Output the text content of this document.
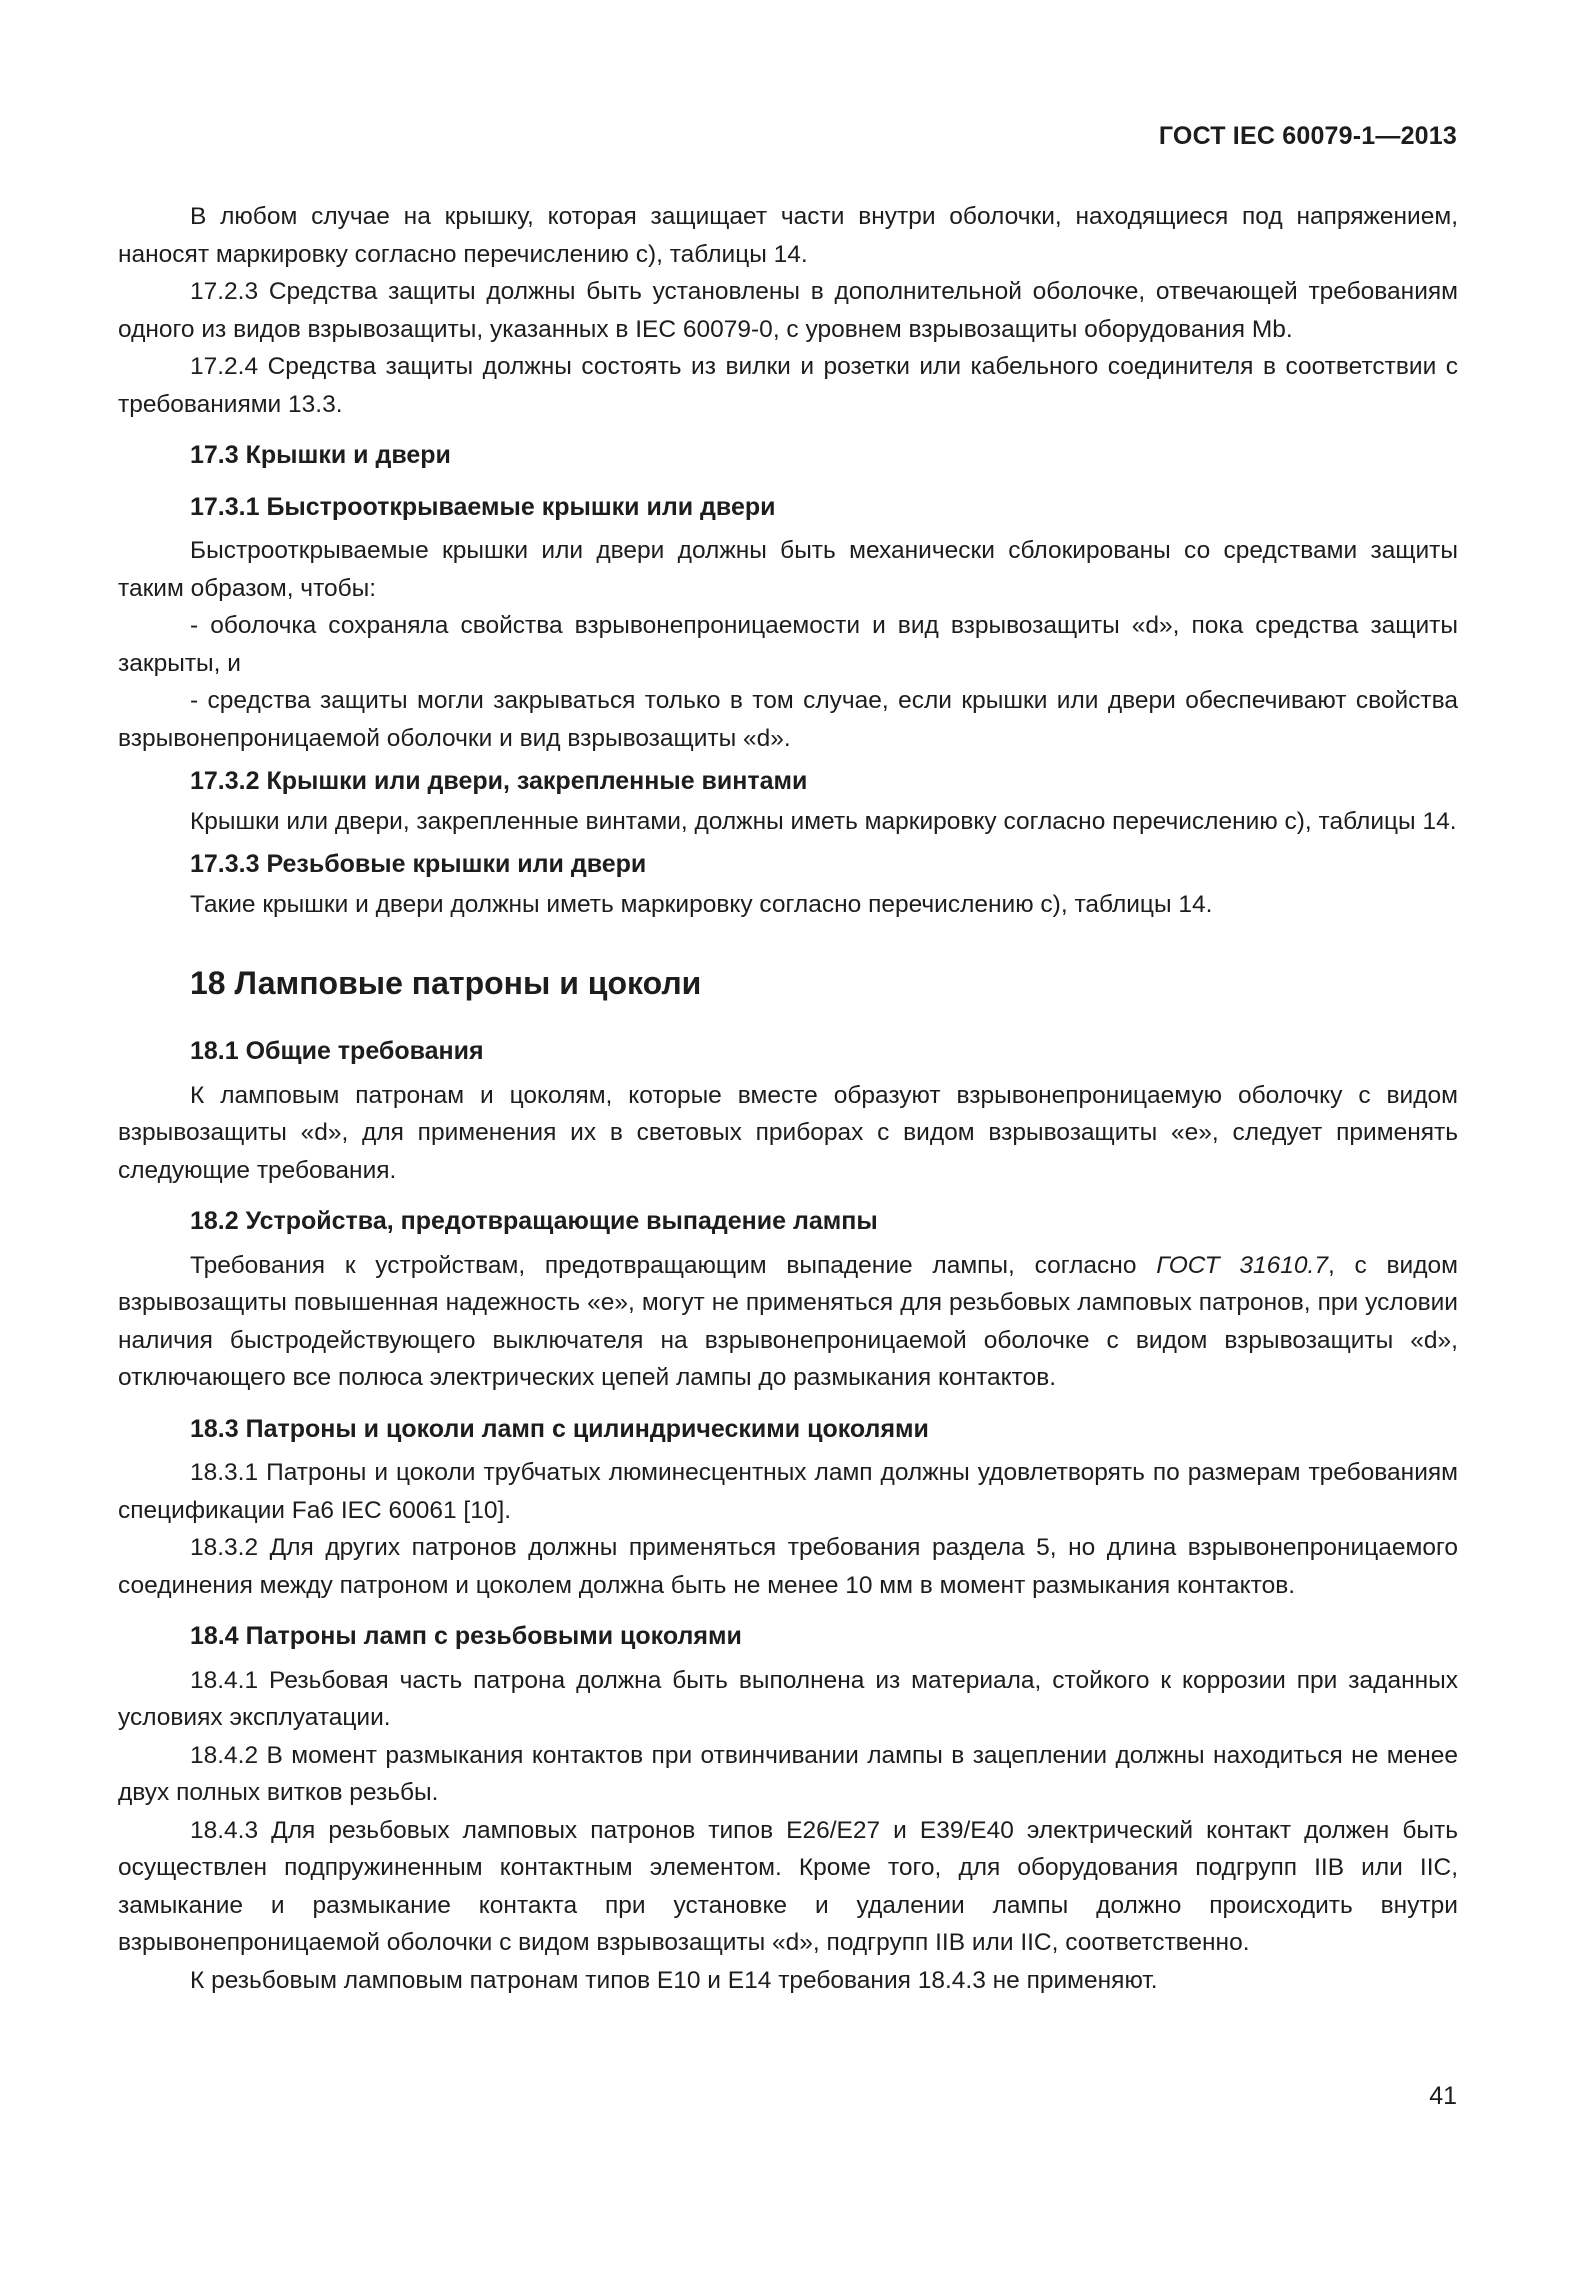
ГОСТ IEC 60079-1—2013

В любом случае на крышку, которая защищает части внутри оболочки, находящиеся под напряжением, наносят маркировку согласно перечислению c), таблицы 14.

17.2.3 Средства защиты должны быть установлены в дополнительной оболочке, отвечающей требованиям одного из видов взрывозащиты, указанных в IEC 60079-0, с уровнем взрывозащиты оборудования Mb.

17.2.4 Средства защиты должны состоять из вилки и розетки или кабельного соединителя в соответствии с требованиями 13.3.

17.3 Крышки и двери
17.3.1 Быстрооткрываемые крышки или двери

Быстрооткрываемые крышки или двери должны быть механически сблокированы со средствами защиты таким образом, чтобы:

- оболочка сохраняла свойства взрывонепроницаемости и вид взрывозащиты «d», пока средства защиты закрыты, и

- средства защиты могли закрываться только в том случае, если крышки или двери обеспечивают свойства взрывонепроницаемой оболочки и вид взрывозащиты «d».

17.3.2 Крышки или двери, закрепленные винтами

Крышки или двери, закрепленные винтами, должны иметь маркировку согласно перечислению c), таблицы 14.

17.3.3 Резьбовые крышки или двери

Такие крышки и двери должны иметь маркировку согласно перечислению c), таблицы 14.

18 Ламповые патроны и цоколи
18.1 Общие требования

К ламповым патронам и цоколям, которые вместе образуют взрывонепроницаемую оболочку с видом взрывозащиты «d», для применения их в световых приборах с видом взрывозащиты «e», следует применять следующие требования.

18.2 Устройства, предотвращающие выпадение лампы

Требования к устройствам, предотвращающим выпадение лампы, согласно ГОСТ 31610.7, с видом взрывозащиты повышенная надежность «e», могут не применяться для резьбовых ламповых патронов, при условии наличия быстродействующего выключателя на взрывонепроницаемой оболочке с видом взрывозащиты «d», отключающего все полюса электрических цепей лампы до размыкания контактов.

18.3 Патроны и цоколи ламп с цилиндрическими цоколями

18.3.1 Патроны и цоколи трубчатых люминесцентных ламп должны удовлетворять по размерам требованиям спецификации Fa6 IEC 60061 [10].

18.3.2 Для других патронов должны применяться требования раздела 5, но длина взрывонепроницаемого соединения между патроном и цоколем должна быть не менее 10 мм в момент размыкания контактов.

18.4 Патроны ламп с резьбовыми цоколями

18.4.1 Резьбовая часть патрона должна быть выполнена из материала, стойкого к коррозии при заданных условиях эксплуатации.

18.4.2 В момент размыкания контактов при отвинчивании лампы в зацеплении должны находиться не менее двух полных витков резьбы.

18.4.3 Для резьбовых ламповых патронов типов E26/E27 и E39/E40 электрический контакт должен быть осуществлен подпружиненным контактным элементом. Кроме того, для оборудования подгрупп IIB или IIC, замыкание и размыкание контакта при установке и удалении лампы должно происходить внутри взрывонепроницаемой оболочки с видом взрывозащиты «d», подгрупп IIB или IIC, соответственно.

К резьбовым ламповым патронам типов E10 и E14 требования 18.4.3 не применяют.

41
